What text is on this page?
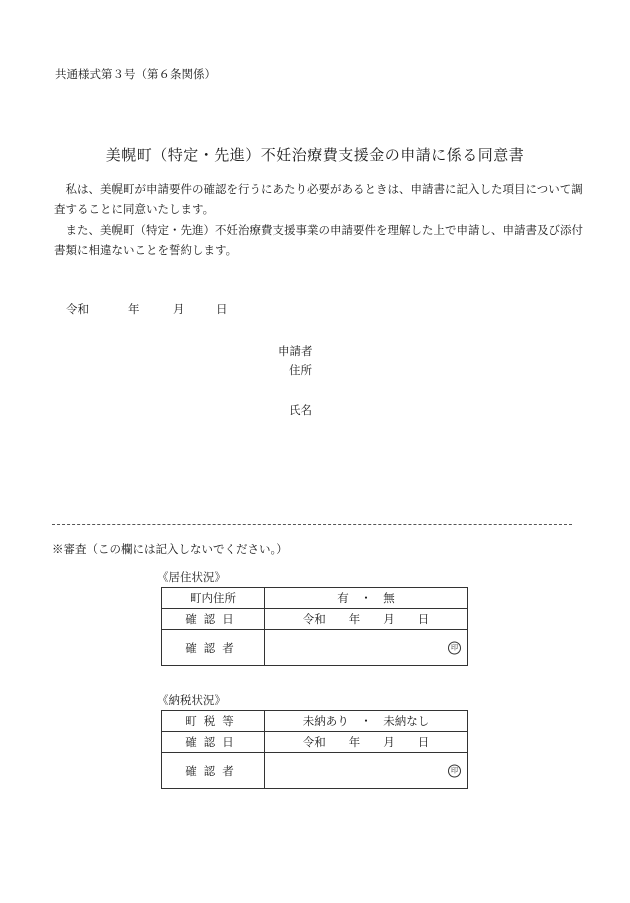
共通様式第３号（第６条関係）
美幌町（特定・先進）不妊治療費支援金の申請に係る同意書
　私は、美幌町が申請要件の確認を行うにあたり必要があるときは、申請書に記入した項目について調査することに同意いたします。
　また、美幌町（特定・先進）不妊治療費支援事業の申請要件を理解した上で申請し、申請書及び添付書類に相違ないことを誓約します。
令和	年	月	日
申請者
住所
氏名
※審査（この欄には記入しないでください。）
《居住状況》
町内住所	有　・　無
確認日	令和　　年　　月　　日
確認者	印
《納税状況》
町税等	未納あり　・　未納なし
確認日	令和　　年　　月　　日
確認者	印
